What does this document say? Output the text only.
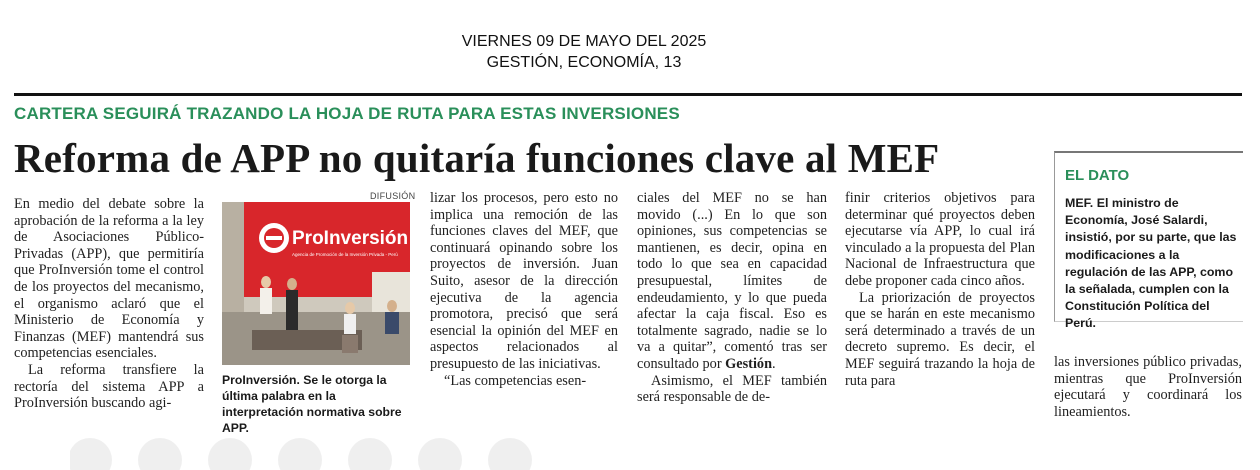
VIERNES 09 DE MAYO DEL 2025
GESTIÓN, ECONOMÍA, 13
CARTERA SEGUIRÁ TRAZANDO LA HOJA DE RUTA PARA ESTAS INVERSIONES
Reforma de APP no quitaría funciones clave al MEF

En medio del debate sobre la aprobación de la reforma a la ley de Asociaciones Público-Privadas (APP), que permitiría que ProInversión tome el control de los proyectos del mecanismo, el organismo aclaró que el Ministerio de Economía y Finanzas (MEF) mantendrá sus competencias esenciales.

La reforma transfiere la rectoría del sistema APP a ProInversión buscando agi-

DIFUSIÓN
ProInversión
Agencia de Promoción de la Inversión Privada - Perú
ProInversión. Se le otorga la última palabra en la interpretación normativa sobre APP.

lizar los procesos, pero esto no implica una remoción de las funciones claves del MEF, que continuará opinando sobre los proyectos de inversión. Juan Suito, asesor de la dirección ejecutiva de la agencia promotora, precisó que será esencial la opinión del MEF en aspectos relacionados al presupuesto de las iniciativas.

“Las competencias esen-

ciales del MEF no se han movido (...) En lo que son opiniones, sus competencias se mantienen, es decir, opina en todo lo que sea en capacidad presupuestal, límites de endeudamiento, y lo que pueda afectar la caja fiscal. Eso es totalmente sagrado, nadie se lo va a quitar”, comentó tras ser consultado por Gestión.

Asimismo, el MEF también será responsable de de-

finir criterios objetivos para determinar qué proyectos deben ejecutarse vía APP, lo cual irá vinculado a la propuesta del Plan Nacional de Infraestructura que debe proponer cada cinco años.

La priorización de proyectos que se harán en este mecanismo será determinado a través de un decreto supremo. Es decir, el MEF seguirá trazando la hoja de ruta para

EL DATO
MEF. El ministro de Economía, José Salardi, insistió, por su parte, que las modificaciones a la regulación de las APP, como la señalada, cumplen con la Constitución Política del Perú.

las inversiones público privadas, mientras que ProInversión ejecutará y coordinará los lineamientos.
